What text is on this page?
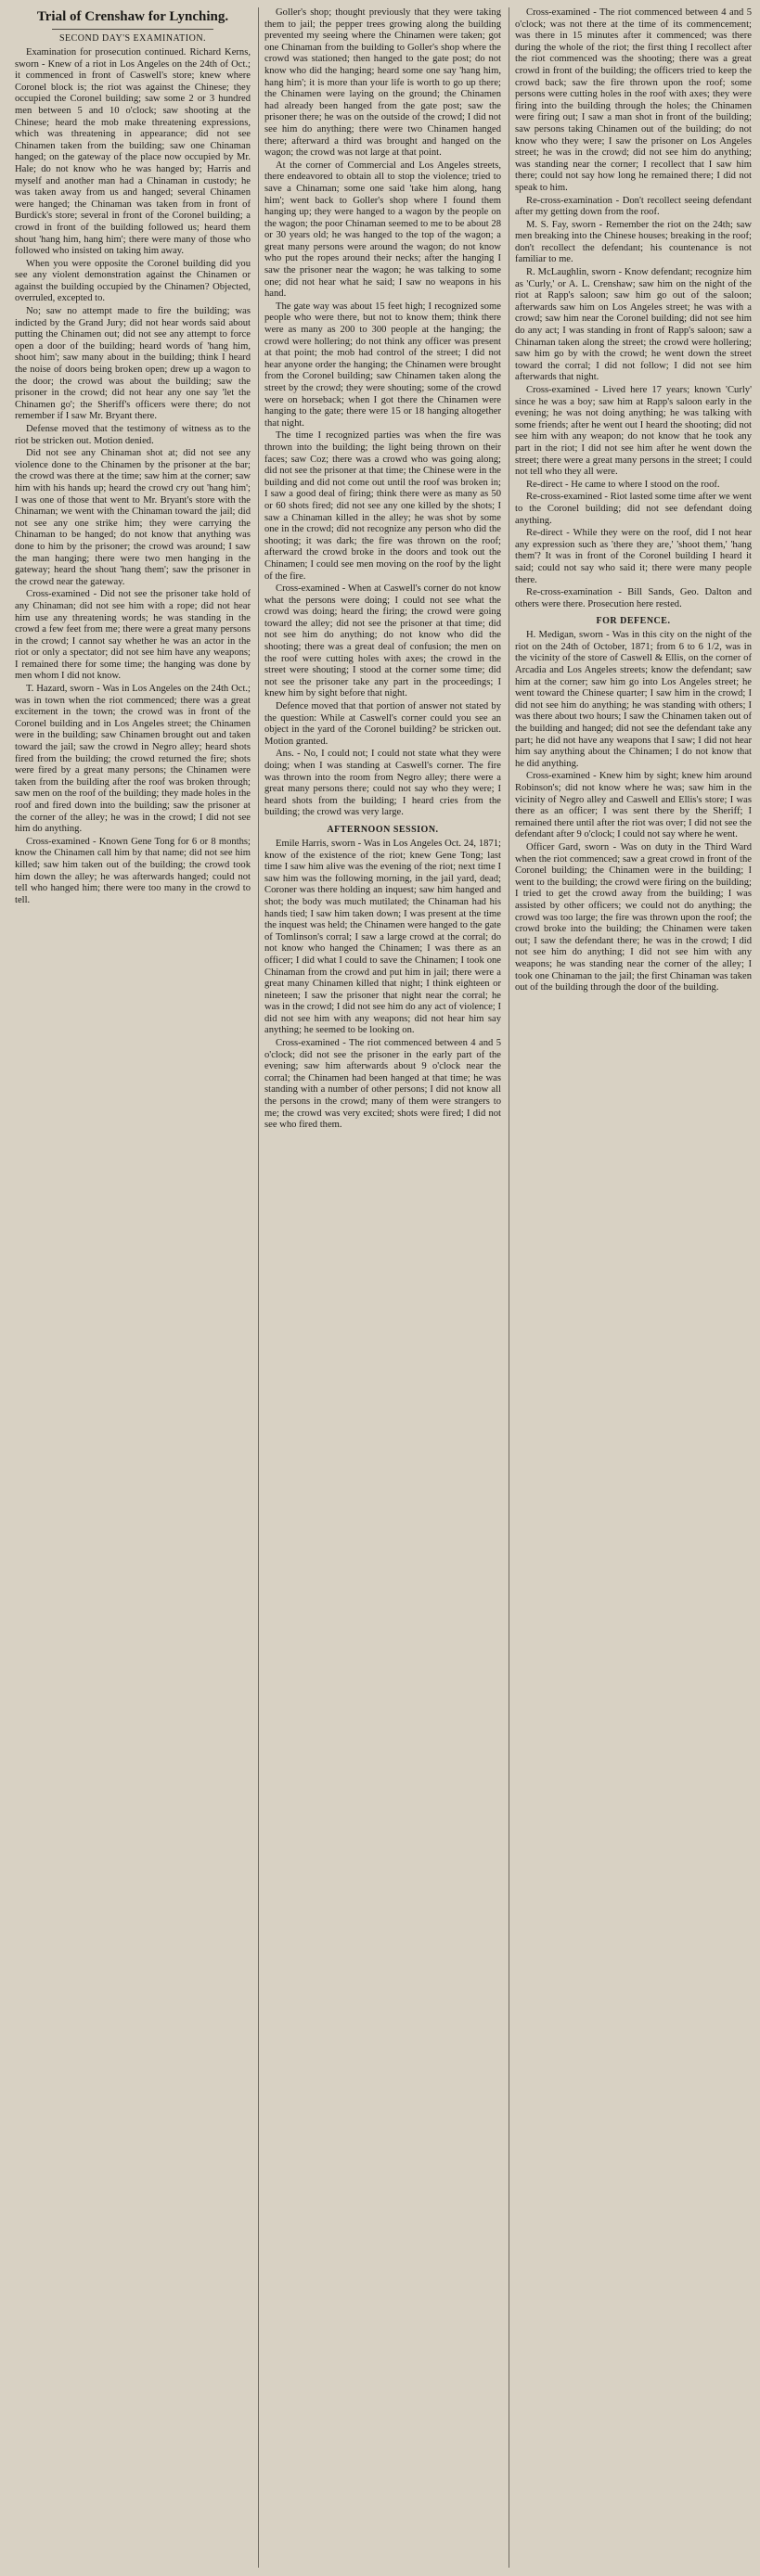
Trial of Crenshaw for Lynching.
SECOND DAY'S EXAMINATION.

Examination for prosecution continued. Richard Kerns, sworn - Knew of a riot in Los Angeles on the 24th of Oct.; it commenced in front of Caswell's store; knew where Coronel block is; the riot was against the Chinese; they occupied the Coronel building; saw some 2 or 3 hundred men between 5 and 10 o'clock; saw shooting at the Chinese; heard the mob make threatening expressions, which was threatening in appearance; did not see Chinamen taken from the building; saw one Chinaman hanged; on the gateway of the place now occupied by Mr. Hale; do not know who he was hanged by; Harris and myself and another man had a Chinaman in custody; he was taken away from us and hanged; several Chinamen were hanged; the Chinaman was taken from in front of Burdick's store; several in front of the Coronel building; a crowd in front of the building followed us; heard them shout 'hang him, hang him'; there were many of those who followed who insisted on taking him away.

When you were opposite the Coronel building did you see any violent demonstration against the Chinamen or against the building occupied by the Chinamen? Objected, overruled, excepted to.

No; saw no attempt made to fire the building; was indicted by the Grand Jury; did not hear words said about putting the Chinamen out; did not see any attempt to force open a door of the building; heard words of 'hang him, shoot him'; saw many about in the building; think I heard the noise of doors being broken open; drew up a wagon to the door; the crowd was about the building; saw the prisoner in the crowd; did not hear any one say 'let the Chinamen go'; the Sheriff's officers were there; do not remember if I saw Mr. Bryant there.

Defense moved that the testimony of witness as to the riot be stricken out. Motion denied.

Did not see any Chinaman shot at; did not see any violence done to the Chinamen by the prisoner at the bar; the crowd was there at the time; saw him at the corner; saw him with his hands up; heard the crowd cry out 'hang him'; I was one of those that went to Mr. Bryant's store with the Chinaman; we went with the Chinaman toward the jail; did not see any one strike him; they were carrying the Chinaman to be hanged; do not know that anything was done to him by the prisoner; the crowd was around; I saw the man hanging; there were two men hanging in the gateway; heard the shout 'hang them'; saw the prisoner in the crowd near the gateway.

Cross-examined - Did not see the prisoner take hold of any Chinaman; did not see him with a rope; did not hear him use any threatening words; he was standing in the crowd a few feet from me; there were a great many persons in the crowd; I cannot say whether he was an actor in the riot or only a spectator; did not see him have any weapons; I remained there for some time; the hanging was done by men whom I did not know.

T. Hazard, sworn - Was in Los Angeles on the 24th Oct.; was in town when the riot commenced; there was a great excitement in the town; the crowd was in front of the Coronel building and in Los Angeles street; the Chinamen were in the building; saw Chinamen brought out and taken toward the jail; saw the crowd in Negro alley; heard shots fired from the building; the crowd returned the fire; shots were fired by a great many persons; the Chinamen were taken from the building after the roof was broken through; saw men on the roof of the building; they made holes in the roof and fired down into the building; saw the prisoner at the corner of the alley; he was in the crowd; I did not see him do anything.

Cross-examined - Known Gene Tong for 6 or 8 months; know the Chinamen call him by that name; did not see him killed; saw him taken out of the building; the crowd took him down the alley; he was afterwards hanged; could not tell who hanged him; there were too many in the crowd to tell.

Goller's shop; thought previously that they were taking them to jail; the pepper trees growing along the building prevented my seeing where the Chinamen were taken; got one Chinaman from the building to Goller's shop where the crowd was stationed; then hanged to the gate post; do not know who did the hanging; heard some one say 'hang him, hang him'; it is more than your life is worth to go up there; the Chinamen were laying on the ground; the Chinamen had already been hanged from the gate post; saw the prisoner there; he was on the outside of the crowd; I did not see him do anything; there were two Chinamen hanged there; afterward a third was brought and hanged on the wagon; the crowd was not large at that point.

At the corner of Commercial and Los Angeles streets, there endeavored to obtain all to stop the violence; tried to save a Chinaman; some one said 'take him along, hang him'; went back to Goller's shop where I found them hanging up; they were hanged to a wagon by the people on the wagon; the poor Chinaman seemed to me to be about 28 or 30 years old; he was hanged to the top of the wagon; a great many persons were around the wagon; do not know who put the ropes around their necks; after the hanging I saw the prisoner near the wagon; he was talking to some one; did not hear what he said; I saw no weapons in his hand.

The gate way was about 15 feet high; I recognized some people who were there, but not to know them; think there were as many as 200 to 300 people at the hanging; the crowd were hollering; do not think any officer was present at that point; the mob had control of the street; I did not hear anyone order the hanging; the Chinamen were brought from the Coronel building; saw Chinamen taken along the street by the crowd; they were shouting; some of the crowd were on horseback; when I got there the Chinamen were hanging to the gate; there were 15 or 18 hanging altogether that night.

The time I recognized parties was when the fire was thrown into the building; the light being thrown on their faces; saw Coz; there was a crowd who was going along; did not see the prisoner at that time; the Chinese were in the building and did not come out until the roof was broken in; I saw a good deal of firing; think there were as many as 50 or 60 shots fired; did not see any one killed by the shots; I saw a Chinaman killed in the alley; he was shot by some one in the crowd; did not recognize any person who did the shooting; it was dark; the fire was thrown on the roof; afterward the crowd broke in the doors and took out the Chinamen; I could see men moving on the roof by the light of the fire.

Cross-examined - When at Caswell's corner do not know what the persons were doing; I could not see what the crowd was doing; heard the firing; the crowd were going toward the alley; did not see the prisoner at that time; did not see him do anything; do not know who did the shooting; there was a great deal of confusion; the men on the roof were cutting holes with axes; the crowd in the street were shouting; I stood at the corner some time; did not see the prisoner take any part in the proceedings; I knew him by sight before that night.

Defence moved that that portion of answer not stated by the question: While at Caswell's corner could you see an object in the yard of the Coronel building? be stricken out. Motion granted.

Ans. - No, I could not; I could not state what they were doing; when I was standing at Caswell's corner. The fire was thrown into the room from Negro alley; there were a great many persons there; could not say who they were; I heard shots from the building; I heard cries from the building; the crowd was very large.

AFTERNOON SESSION.

Emile Harris, sworn - Was in Los Angeles Oct. 24, 1871; know of the existence of the riot; knew Gene Tong; last time I saw him alive was the evening of the riot; next time I saw him was the following morning, in the jail yard, dead; Coroner was there holding an inquest; saw him hanged and shot; the body was much mutilated; the Chinaman had his hands tied; I saw him taken down; I was present at the time the inquest was held; the Chinamen were hanged to the gate of Tomlinson's corral; I saw a large crowd at the corral; do not know who hanged the Chinamen; I was there as an officer; I did what I could to save the Chinamen; I took one Chinaman from the crowd and put him in jail; there were a great many Chinamen killed that night; I think eighteen or nineteen; I saw the prisoner that night near the corral; he was in the crowd; I did not see him do any act of violence; I did not see him with any weapons; did not hear him say anything; he seemed to be looking on.

Cross-examined - The riot commenced between 4 and 5 o'clock; did not see the prisoner in the early part of the evening; saw him afterwards about 9 o'clock near the corral; the Chinamen had been hanged at that time; he was standing with a number of other persons; I did not know all the persons in the crowd; many of them were strangers to me; the crowd was very excited; shots were fired; I did not see who fired them.

Cross-examined - The riot commenced between 4 and 5 o'clock; was not there at the time of its commencement; was there in 15 minutes after it commenced; was there during the whole of the riot; the first thing I recollect after the riot commenced was the shooting; there was a great crowd in front of the building; the officers tried to keep the crowd back; saw the fire thrown upon the roof; some persons were cutting holes in the roof with axes; they were firing into the building through the holes; the Chinamen were firing out; I saw a man shot in front of the building; saw persons taking Chinamen out of the building; do not know who they were; I saw the prisoner on Los Angeles street; he was in the crowd; did not see him do anything; was standing near the corner; I recollect that I saw him there; could not say how long he remained there; I did not speak to him.

Re-cross-examination - Don't recollect seeing defendant after my getting down from the roof.

M. S. Fay, sworn - Remember the riot on the 24th; saw men breaking into the Chinese houses; breaking in the roof; don't recollect the defendant; his countenance is not familiar to me.

R. McLaughlin, sworn - Know defendant; recognize him as 'Curly,' or A. L. Crenshaw; saw him on the night of the riot at Rapp's saloon; saw him go out of the saloon; afterwards saw him on Los Angeles street; he was with a crowd; saw him near the Coronel building; did not see him do any act; I was standing in front of Rapp's saloon; saw a Chinaman taken along the street; the crowd were hollering; saw him go by with the crowd; he went down the street toward the corral; I did not follow; I did not see him afterwards that night.

Cross-examined - Lived here 17 years; known 'Curly' since he was a boy; saw him at Rapp's saloon early in the evening; he was not doing anything; he was talking with some friends; after he went out I heard the shooting; did not see him with any weapon; do not know that he took any part in the riot; I did not see him after he went down the street; there were a great many persons in the street; I could not tell who they all were.

Re-direct - He came to where I stood on the roof.

Re-cross-examined - Riot lasted some time after we went to the Coronel building; did not see defendant doing anything.

Re-direct - While they were on the roof, did I not hear any expression such as 'there they are,' 'shoot them,' 'hang them'? It was in front of the Coronel building I heard it said; could not say who said it; there were many people there.

Re-cross-examination - Bill Sands, Geo. Dalton and others were there. Prosecution here rested.

FOR DEFENCE.

H. Medigan, sworn - Was in this city on the night of the riot on the 24th of October, 1871; from 6 to 6 1/2, was in the vicinity of the store of Caswell & Ellis, on the corner of Arcadia and Los Angeles streets; know the defendant; saw him at the corner; saw him go into Los Angeles street; he went toward the Chinese quarter; I saw him in the crowd; I did not see him do anything; he was standing with others; I was there about two hours; I saw the Chinamen taken out of the building and hanged; did not see the defendant take any part; he did not have any weapons that I saw; I did not hear him say anything about the Chinamen; I do not know that he did anything.

Cross-examined - Knew him by sight; knew him around Robinson's; did not know where he was; saw him in the vicinity of Negro alley and Caswell and Ellis's store; I was there as an officer; I was sent there by the Sheriff; I remained there until after the riot was over; I did not see the defendant after 9 o'clock; I could not say where he went.

Officer Gard, sworn - Was on duty in the Third Ward when the riot commenced; saw a great crowd in front of the Coronel building; the Chinamen were in the building; I went to the building; the crowd were firing on the building; I tried to get the crowd away from the building; I was assisted by other officers; we could not do anything; the crowd was too large; the fire was thrown upon the roof; the crowd broke into the building; the Chinamen were taken out; I saw the defendant there; he was in the crowd; I did not see him do anything; I did not see him with any weapons; he was standing near the corner of the alley; I took one Chinaman to the jail; the first Chinaman was taken out of the building through the door of the building.
